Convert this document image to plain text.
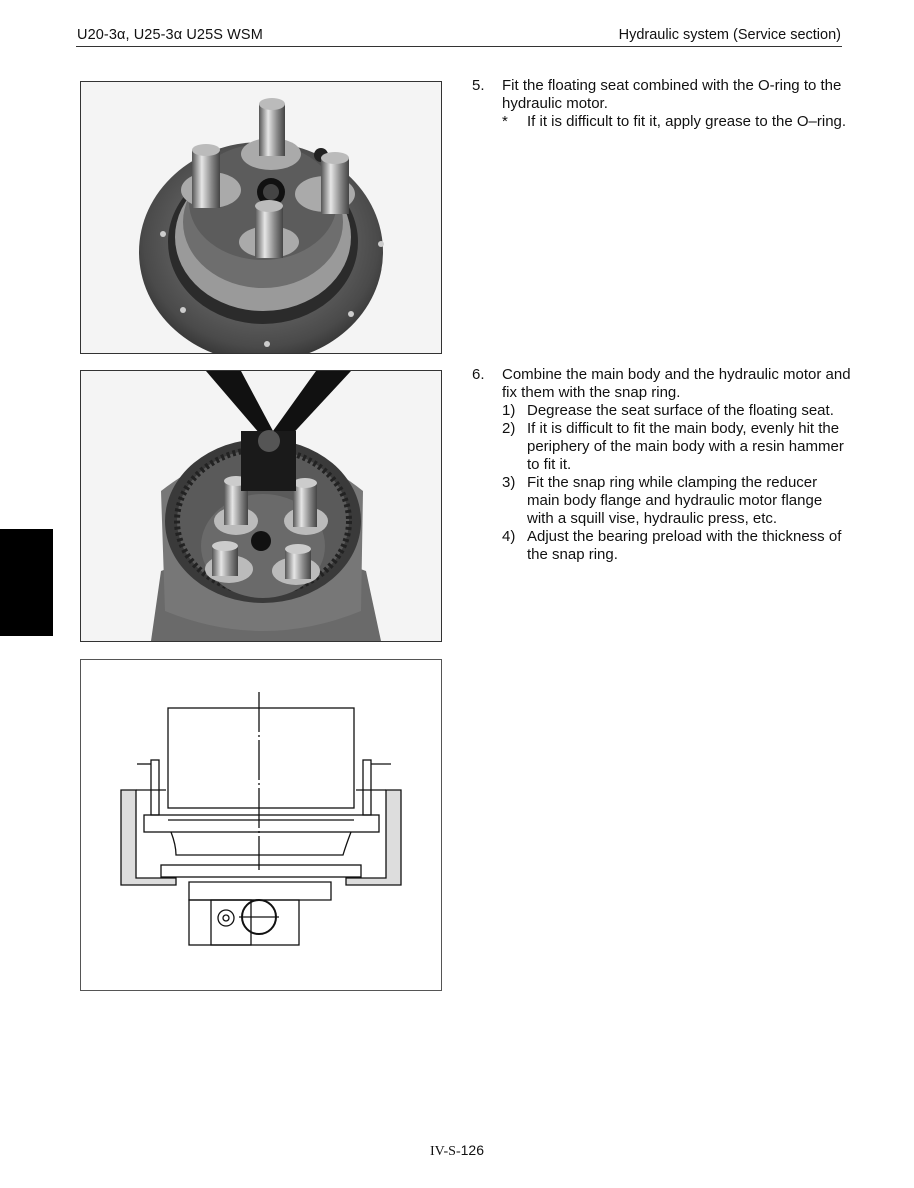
U20-3α, U25-3α U25S WSM	Hydraulic system (Service section)
5. Fit the floating seat combined with the O-ring to the hydraulic motor.
* If it is difficult to fit it, apply grease to the O–ring.
6. Combine the main body and the hydraulic motor and fix them with the snap ring.
1) Degrease the seat surface of the floating seat.
2) If it is difficult to fit the main body, evenly hit the periphery of the main body with a resin hammer to fit it.
3) Fit the snap ring while clamping the reducer main body flange and hydraulic motor flange with a squill vise, hydraulic press, etc.
4) Adjust the bearing preload with the thickness of the snap ring.
IV-S-126
